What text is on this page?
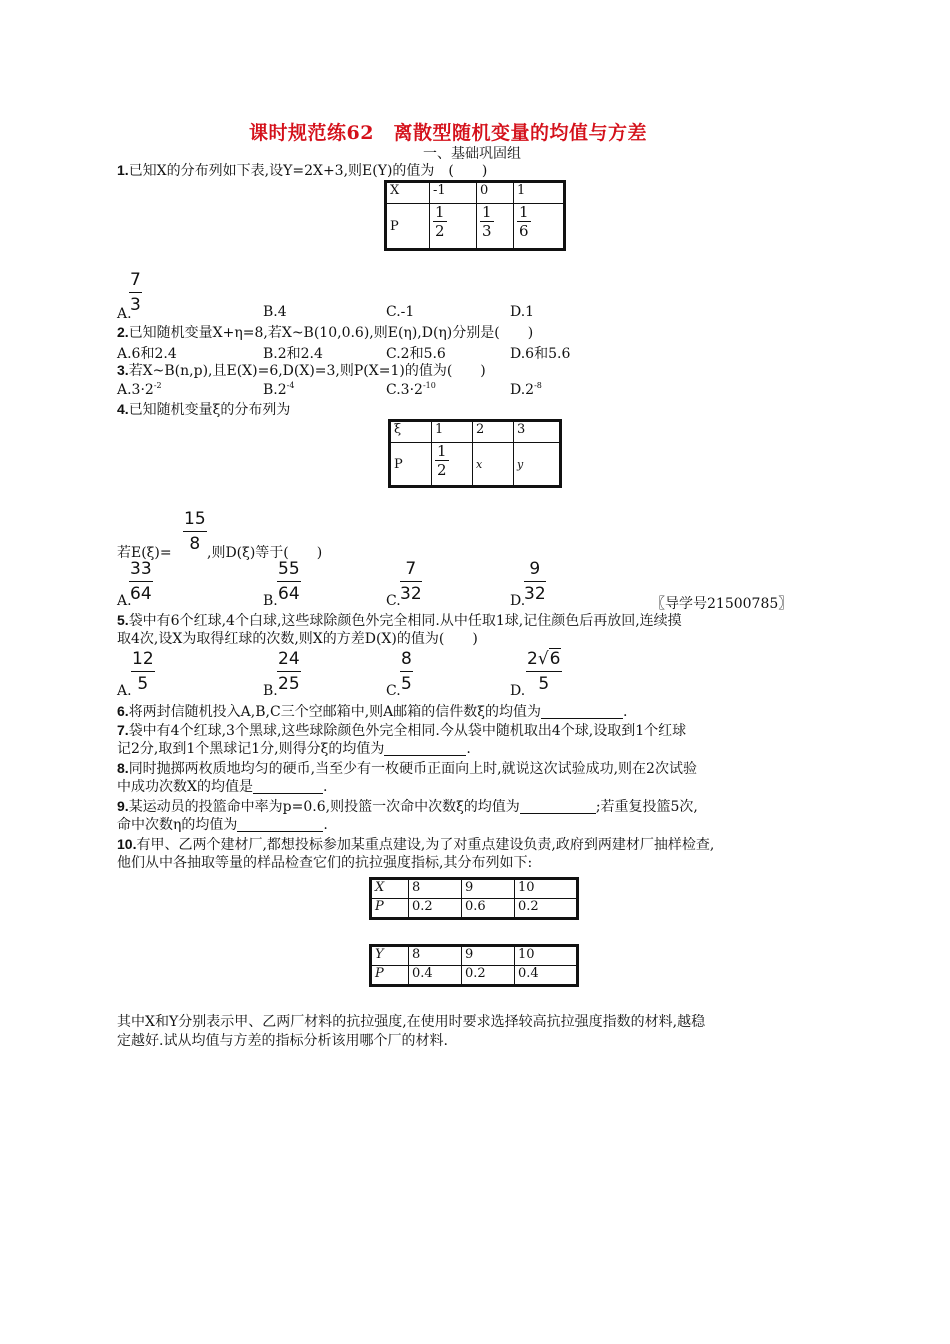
课时规范练62　离散型随机变量的均值与方差
一、基础巩固组
1.已知X的分布列如下表,设Y=2X+3,则E(Y)的值为　(　　)
X	-1	0	1
P	$\frac{1}{2}$	$\frac{1}{3}$	$\frac{1}{6}$
A.
7
3	B.4	C.-1	D.1
2.已知随机变量X+η=8,若X~B(10,0.6),则E(η),D(η)分别是(　　)
A.6和2.4	B.2和2.4	C.2和5.6	D.6和5.6
3.若X~B(n,p),且E(X)=6,D(X)=3,则P(X=1)的值为(　　)
$A.3\cdot 2^{-2}$	$B.2^{-4}$	$C.3\cdot 2^{-10}$	$D.2^{-8}$
4.已知随机变量ξ的分布列为
ξ	1	2	3
P	$\frac{1}{2}$	x	y
若E(ξ)=
15
8 ,则D(ξ)等于(　　)
A.
33
64	B.
55
64	C.
7
32	D.
9
32	〖导学号21500785〗
5.袋中有6个红球,4个白球,这些球除颜色外完全相同.从中任取1球,记住颜色后再放回,连续摸
取4次,设X为取得红球的次数,则X的方差D(X)的值为(　　)
A.
12
5	B.
24
25	C.
8
5	D.
2√6
5
6.将两封信随机投入A,B,C三个空邮箱中,则A邮箱的信件数ξ的均值为	.
7.袋中有4个红球,3个黑球,这些球除颜色外完全相同.今从袋中随机取出4个球,设取到1个红球
记2分,取到1个黑球记1分,则得分ξ的均值为	.
8.同时抛掷两枚质地均匀的硬币,当至少有一枚硬币正面向上时,就说这次试验成功,则在2次试验
中成功次数X的均值是	.
9.某运动员的投篮命中率为p=0.6,则投篮一次命中次数ξ的均值为	;若重复投篮5次,
命中次数η的均值为	.
10.有甲、乙两个建材厂,都想投标参加某重点建设,为了对重点建设负责,政府到两建材厂抽样检查,
他们从中各抽取等量的样品检查它们的抗拉强度指标,其分布列如下:
X	8	9	10
P	0.2	0.6	0.2
Y	8	9	10
P	0.4	0.2	0.4
其中X和Y分别表示甲、乙两厂材料的抗拉强度,在使用时要求选择较高抗拉强度指数的材料,越稳
定越好.试从均值与方差的指标分析该用哪个厂的材料.
